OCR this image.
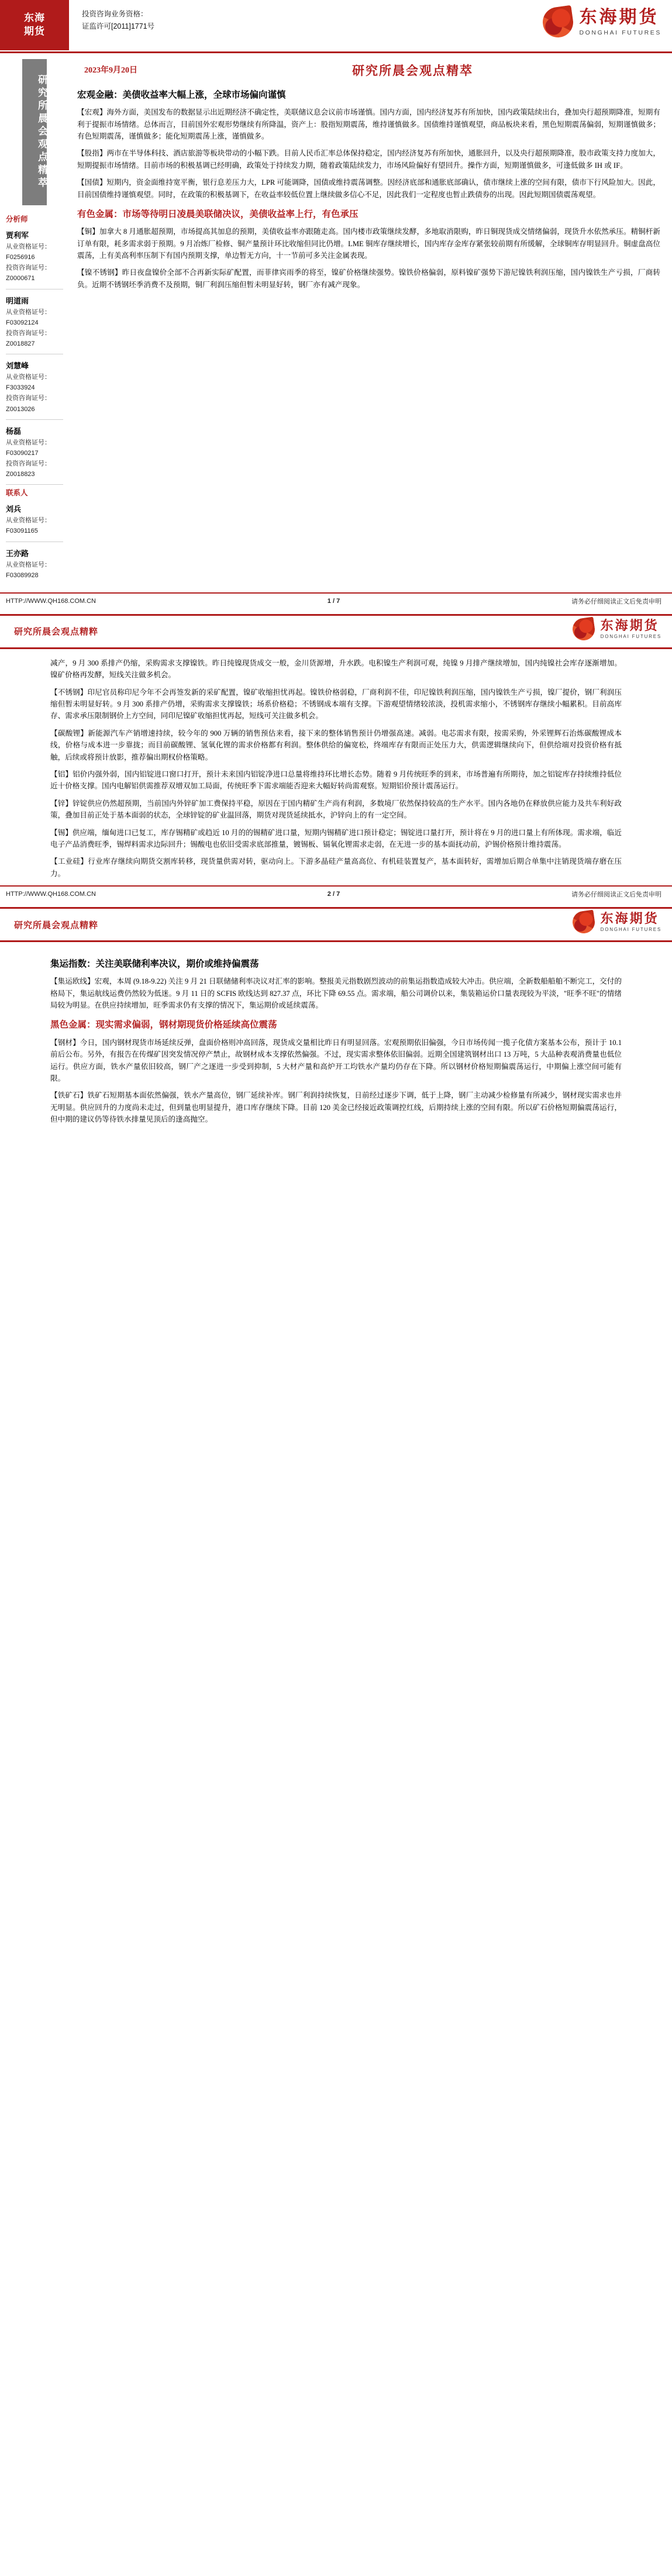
东海
期货
投资咨询业务资格：
证监许可[2011]1771号	东海期货
DONGHAI FUTURES
研究所晨会观点精萃
分析师
贾利军
从业资格证号：F0256916
投资咨询证号：Z0000671
明道雨
从业资格证号：F03092124
投资咨询证号：Z0018827
刘慧峰
从业资格证号：F3033924
投资咨询证号：Z0013026
杨磊
从业资格证号：F03090217
投资咨询证号：Z0018823
联系人
刘兵
从业资格证号：F03091165
王亦路
从业资格证号：F03089928
2023年9月20日	研究所晨会观点精萃
宏观金融：美债收益率大幅上涨，全球市场偏向谨慎

【宏观】海外方面，美国发布的数据显示出近期经济不确定性，美联储议息会议前市场谨慎。国内方面，国内经济复苏有所加快，国内政策陆续出台，叠加央行超预期降准，短期有利于提振市场情绪。总体而言，目前国外宏观形势继续有所降温，资产上：股指短期震荡，维持谨慎做多。国债维持谨慎观望，商品板块来看，黑色短期震荡偏弱，短期谨慎做多；有色短期震荡，谨慎做多；能化短期震荡上涨，谨慎做多。

【股指】两市在半导体科技、酒店旅游等板块带动的小幅下跌。目前人民币汇率总体保持稳定，国内经济复苏有所加快，通胀回升，以及央行超预期降准，股市政策支持力度加大，短期提振市场情绪。目前市场的积极基调已经明确，政策处于持续发力期，随着政策陆续发力，市场风险偏好有望回升。操作方面，短期谨慎做多，可逢低做多 IH 或 IF。

【国债】短期内，资金面维持宽平衡，银行息差压力大，LPR 可能调降，国债或维持震荡调整。因经济底部和通胀底部确认，债市继续上涨的空间有限，债市下行风险加大。因此，目前国债维持谨慎观望。同时，在政策的积极基调下，在收益率较低位置上继续做多信心不足，因此我们一定程度也暂止跌债券的出现。因此短期国债震荡观望。

有色金属：市场等待明日凌晨美联储决议，美债收益率上行，有色承压

【铜】加拿大 8 月通胀超预期，市场提高其加息的预期，美债收益率亦跟随走高。国内楼市政策继续发酵，多地取消限购，昨日铜现货成交情绪偏弱，现货升水依然承压。精铜杆新订单有限，耗多需求弱于预期。9 月冶炼厂检修、铜产量预计环比收缩但同比仍增。LME 铜库存继续增长，国内库存金库存紧张较前期有所缓解，全球铜库存明显回升。铜虚盘高位震荡，上有美高利率压制下有国内预期支撑，单边暂无方向，十一节前可多关注金属表现。

【镍不锈钢】昨日夜盘镍价全部不合再新实际矿配置，而菲律宾雨季的将至，镍矿价格继续强势。镍铁价格偏弱，原料镍矿强势下游尼镍铁利润压缩，国内镍铁生产亏损，厂商转负。近期不锈钢坯季消费不及预期，铜厂利润压缩但暂未明显好转，钢厂亦有减产现象。

HTTP://WWW.QH168.COM.CN	1 / 7	请务必仔细阅读正文后免责申明
研究所晨会观点精粹	东海期货
DONGHAI FUTURES

减产，9 月 300 系排产仍缩，采购需求支撑镍铁。昨日纯镍现货成交一般，金川货源增，升水跌。电积镍生产利润可观，纯镍 9 月排产继续增加，国内纯镍社会库存逐渐增加。镍矿价格再发酵，短线关注做多机会。

【不锈钢】印尼官员称印尼今年不会再签发新的采矿配置，镍矿收缩担忧再起。镍铁价格弱稳，厂商利润不佳，印尼镍铁利润压缩，国内镍铁生产亏损，镍厂提价，钢厂利润压缩但暂未明显好转。9 月 300 系排产仍增，采购需求支撑镍铁；场系价格稳；不锈钢成本端有支撑。下游观望情绪较浓淡，投机需求缩小，不锈钢库存继续小幅累积。目前高库存、需求承压限制钢价上方空间，同印尼镍矿收缩担忧再起，短线可关注做多机会。

【碳酸锂】新能源汽车产销增速持续，较今年的 900 万辆的销售预估来看，接下来的整体销售预计仍增强高速。减弱。电芯需求有限，按需采购，外采锂辉石治炼碳酸锂成本线，价格与成本进一步靠拢；而目前碳酸锂、氢氧化锂的需求价格都有利润。整体供给的偏宽松，终端库存有限而正处压力大，供需逻辑继续向下，但供给端对投资价格有抵触，后续或将预计放影，推荐偏出期权价格策略。

【铝】铝价内强外弱，国内铝锭进口窗口打开，预计未来国内铝锭净进口总量将维持环比增长态势。随着 9 月传统旺季的到来，市场普遍有所期待，加之铝锭库存持续维持低位近十价格支撑。国内电解铝供需推荐双增双加工局面，传统旺季下需求端能否迎来大幅好转尚需观察。短期铝价预计震荡运行。

【锌】锌锭供应仍然超预期，当前国内外锌矿加工费保持平稳，原因在于国内精矿生产尚有利润，多数境厂依然保持较高的生产水平。国内各地仍在释放供应能力及共车利好政策，叠加目前正处于基本面弱的状态，全球锌锭的矿业温回落，期货对现货延续抵水，沪锌向上的有一定空间。

【锡】供应端，缅甸进口已复工，库存锡精矿或趋近 10 月的的锡精矿进口量，短期内锡精矿进口预计稳定；锡锭进口量打开，预计将在 9 月的进口量上有所体现。需求端，临近电子产品消费旺季，锡焊料需求边际回升；锡酸电也依旧受需求底部推量，镀锡板、镉氧化锂需求走弱，在无进一步的基本面抚动前，沪锡价格预计维持震荡。

【工业硅】行业库存继续向期货交割库转移，现货量供需对转，驱动向上。下游多晶硅产量高高位、有机硅装置复产，基本面转好，需增加后期合单集中注销现货端存磨在压力。

HTTP://WWW.QH168.COM.CN	2 / 7	请务必仔细阅读正文后免责申明
研究所晨会观点精粹	东海期货
DONGHAI FUTURES
集运指数：关注美联储利率决议，期价或维持偏震荡

【集运欧线】宏观，本周 (9.18-9.22) 关注 9 月 21 日联储储利率决议对汇率的影响。整报美元指数剧烈波动的前集运指数造成较大冲击。供应端，全新数船船舶不断完工，交付的格局下，集运航线运费仍然较为低迷。9 月 11 日的 SCFIS 欧线达到 827.37 点，环比下降 69.55 点。需求端，船公司调价以来，集装箱运价口量表现较为平淡，"旺季不旺"的情绪局较为明显。在供应持续增加，旺季需求仍有支撑的情况下，集运期价或延续震荡。

黑色金属：现实需求偏弱，钢材期现货价格延续高位震荡

【钢材】今日，国内钢材现货市场延续反弹，盘面价格则冲高回落，现货成交量相比昨日有明显回落。宏观预期依旧偏强，今日市场传闻一揽子化债方案基本公布，预计于 10.1 前后公布。另外，有报告在传煤矿因突发情况停产禁止，故钢材成本支撑依然偏强。不过，现实需求整体依旧偏弱。近期全国建筑钢材出口 13 万吨，5 大品种表观消费量也低位运行。供应方面，铁水产量依旧较高，钢厂产之逐进一步受到抑制，5 大材产量和高炉开工均铁水产量均仍存在下降。所以钢材价格短期偏震荡运行，中期偏上涨空间可能有限。

【铁矿石】铁矿石短期基本面依然偏强，铁水产量高位，钢厂延续补库。钢厂利润持续恢复，日前经过逐步下调，低于上降，钢厂主动减少检修量有所减少，钢材现实需求也并无明显。供应回升的力度尚未走过，但到量也明显提升，港口库存继续下降。目前 120 美金已经接近政策调控红线，后期持续上涨的空间有限。所以矿石价格短期偏震荡运行，但中期的建议仍等待铁水排量见顶后的逢高抛空。
